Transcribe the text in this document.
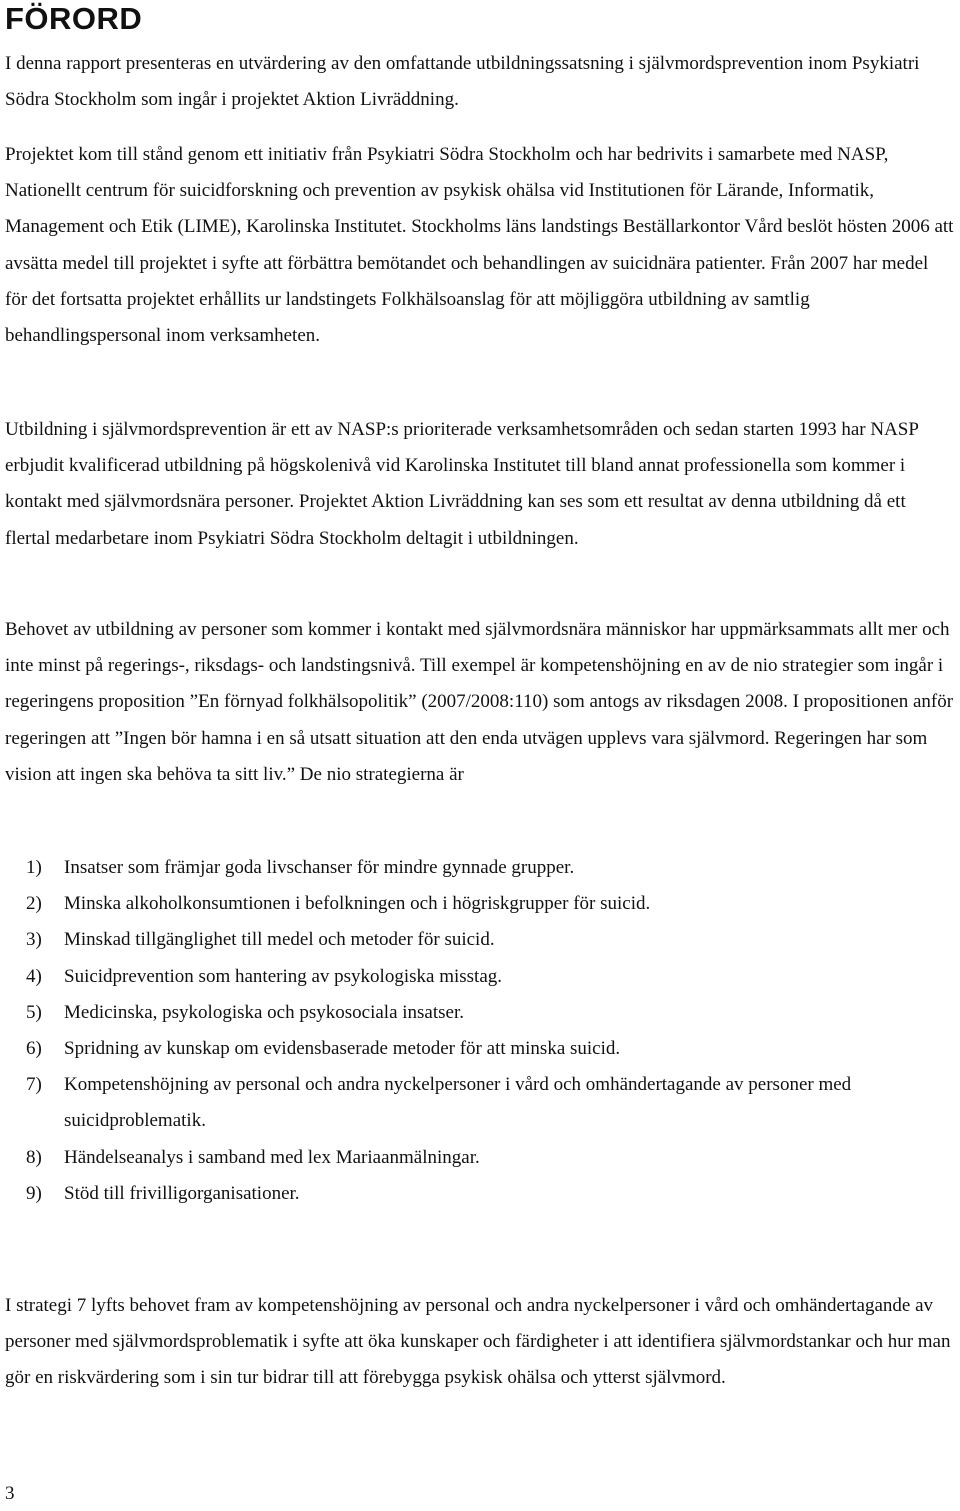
FÖRORD

I denna rapport presenteras en utvärdering av den omfattande utbildningssatsning i självmordsprevention inom Psykiatri Södra Stockholm som ingår i projektet Aktion Livräddning.

Projektet kom till stånd genom ett initiativ från Psykiatri Södra Stockholm och har bedrivits i samarbete med NASP, Nationellt centrum för suicidforskning och prevention av psykisk ohälsa vid Institutionen för Lärande, Informatik, Management och Etik (LIME), Karolinska Institutet. Stockholms läns landstings Beställarkontor Vård beslöt hösten 2006 att avsätta medel till projektet i syfte att förbättra bemötandet och behandlingen av suicidnära patienter. Från 2007 har medel för det fortsatta projektet erhållits ur landstingets Folkhälsoanslag för att möjliggöra utbildning av samtlig behandlingspersonal inom verksamheten.

Utbildning i självmordsprevention är ett av NASP:s prioriterade verksamhetsområden och sedan starten 1993 har NASP erbjudit kvalificerad utbildning på högskolenivå vid Karolinska Institutet till bland annat professionella som kommer i kontakt med självmordsnära personer. Projektet Aktion Livräddning kan ses som ett resultat av denna utbildning då ett flertal medarbetare inom Psykiatri Södra Stockholm deltagit i utbildningen.

Behovet av utbildning av personer som kommer i kontakt med självmordsnära människor har uppmärksammats allt mer och inte minst på regerings-, riksdags- och landstingsnivå. Till exempel är kompetenshöjning en av de nio strategier som ingår i regeringens proposition ”En förnyad folkhälsopolitik” (2007/2008:110) som antogs av riksdagen 2008. I propositionen anför regeringen att ”Ingen bör hamna i en så utsatt situation att den enda utvägen upplevs vara självmord. Regeringen har som vision att ingen ska behöva ta sitt liv.” De nio strategierna är

1) Insatser som främjar goda livschanser för mindre gynnade grupper.
2) Minska alkoholkonsumtionen i befolkningen och i högriskgrupper för suicid.
3) Minskad tillgänglighet till medel och metoder för suicid.
4) Suicidprevention som hantering av psykologiska misstag.
5) Medicinska, psykologiska och psykosociala insatser.
6) Spridning av kunskap om evidensbaserade metoder för att minska suicid.
7) Kompetenshöjning av personal och andra nyckelpersoner i vård och omhändertagande av personer med suicidproblematik.
8) Händelseanalys i samband med lex Mariaanmälningar.
9) Stöd till frivilligorganisationer.

I strategi 7 lyfts behovet fram av kompetenshöjning av personal och andra nyckelpersoner i vård och omhändertagande av personer med självmordsproblematik i syfte att öka kunskaper och färdigheter i att identifiera självmordstankar och hur man gör en riskvärdering som i sin tur bidrar till att förebygga psykisk ohälsa och ytterst självmord.

3
